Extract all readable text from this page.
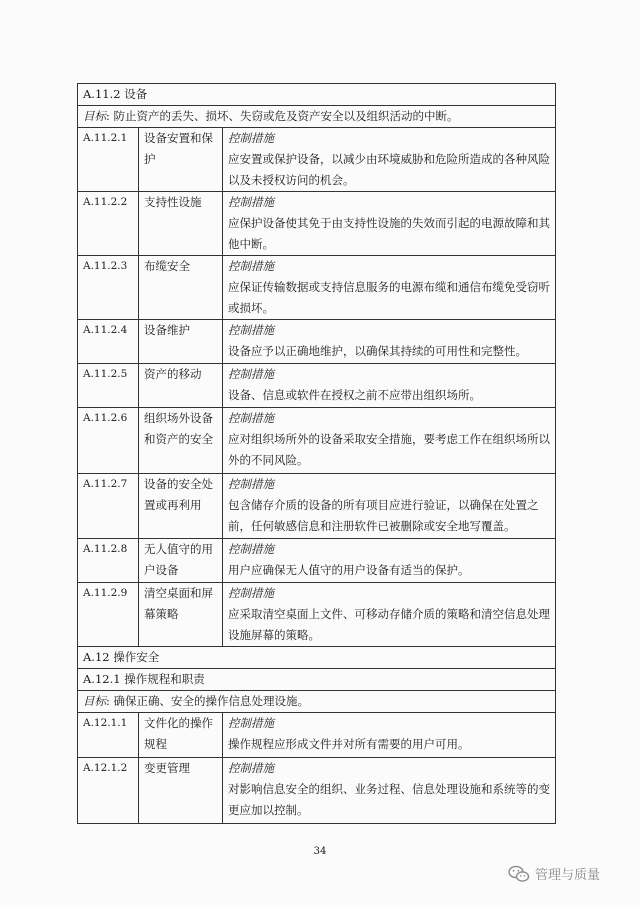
A.11.2 设备		
目标: 防止资产的丢失、损坏、失窃或危及资产安全以及组织活动的中断。		
A.11.2.1	设备安置和保护	控制措施
应安置或保护设备，以减少由环境威胁和危险所造成的各种风险以及未授权访问的机会。

A.11.2.2	支持性设施	控制措施
应保护设备使其免于由支持性设施的失效而引起的电源故障和其他中断。

A.11.2.3	布缆安全	控制措施
应保证传输数据或支持信息服务的电源布缆和通信布缆免受窃听或损坏。

A.11.2.4	设备维护	控制措施
设备应予以正确地维护，以确保其持续的可用性和完整性。

A.11.2.5	资产的移动	控制措施
设备、信息或软件在授权之前不应带出组织场所。

A.11.2.6	组织场外设备和资产的安全	控制措施
应对组织场所外的设备采取安全措施，要考虑工作在组织场所以外的不同风险。

A.11.2.7	设备的安全处置或再利用	控制措施
包含储存介质的设备的所有项目应进行验证，以确保在处置之前，任何敏感信息和注册软件已被删除或安全地写覆盖。

A.11.2.8	无人值守的用户设备	控制措施
用户应确保无人值守的用户设备有适当的保护。

A.11.2.9	清空桌面和屏幕策略	控制措施
应采取清空桌面上文件、可移动存储介质的策略和清空信息处理设施屏幕的策略。

A.12 操作安全		
A.12.1 操作规程和职责		
目标: 确保正确、安全的操作信息处理设施。		
A.12.1.1	文件化的操作规程	控制措施
操作规程应形成文件并对所有需要的用户可用。

A.12.1.2	变更管理	控制措施
对影响信息安全的组织、业务过程、信息处理设施和系统等的变更应加以控制。
34
管理与质量
